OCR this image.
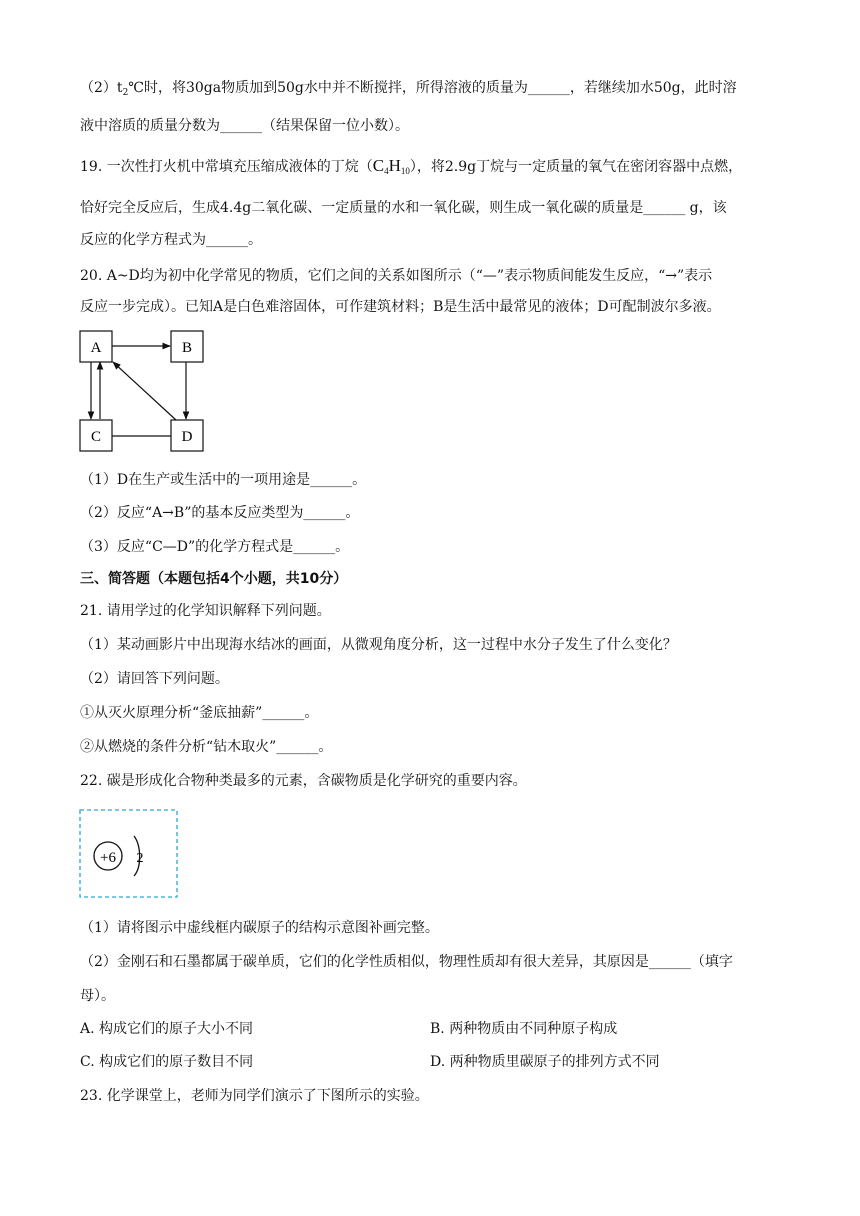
$(2)t_2℃$时，将30ga物质加到50g水中并不断搅拌，所得溶液的质量为______，若继续加水50g，此时溶
液中溶质的质量分数为______（结果保留一位小数）。
19. 一次性打火机中常填充压缩成液体的丁烷$(C_4H_{10})$，将2.9g丁烷与一定质量的氧气在密闭容器中点燃，
恰好完全反应后，生成4.4g二氧化碳、一定质量的水和一氧化碳，则生成一氧化碳的质量是______ g，该
反应的化学方程式为______。
20. A~D均为初中化学常见的物质，它们之间的关系如图所示（“—”表示物质间能发生反应，“→”表示
反应一步完成）。已知A是白色难溶固体，可作建筑材料；B是生活中最常见的液体；D可配制波尔多液。
A	B
C	D
（1）D在生产或生活中的一项用途是______。
（2）反应“A→B”的基本反应类型为______。
（3）反应“C—D”的化学方程式是______。
三、简答题（本题包括4个小题，共10分）
21. 请用学过的化学知识解释下列问题。
（1）某动画影片中出现海水结冰的画面，从微观角度分析，这一过程中水分子发生了什么变化？
（2）请回答下列问题。
①从灭火原理分析“釜底抽薪”______。
②从燃烧的条件分析“钻木取火”______。
22. 碳是形成化合物种类最多的元素，含碳物质是化学研究的重要内容。
+6 2
（1）请将图示中虚线框内碳原子的结构示意图补画完整。
（2）金刚石和石墨都属于碳单质，它们的化学性质相似，物理性质却有很大差异，其原因是______（填字
母）。
A. 构成它们的原子大小不同	B. 两种物质由不同种原子构成
C. 构成它们的原子数目不同	D. 两种物质里碳原子的排列方式不同
23. 化学课堂上，老师为同学们演示了下图所示的实验。
